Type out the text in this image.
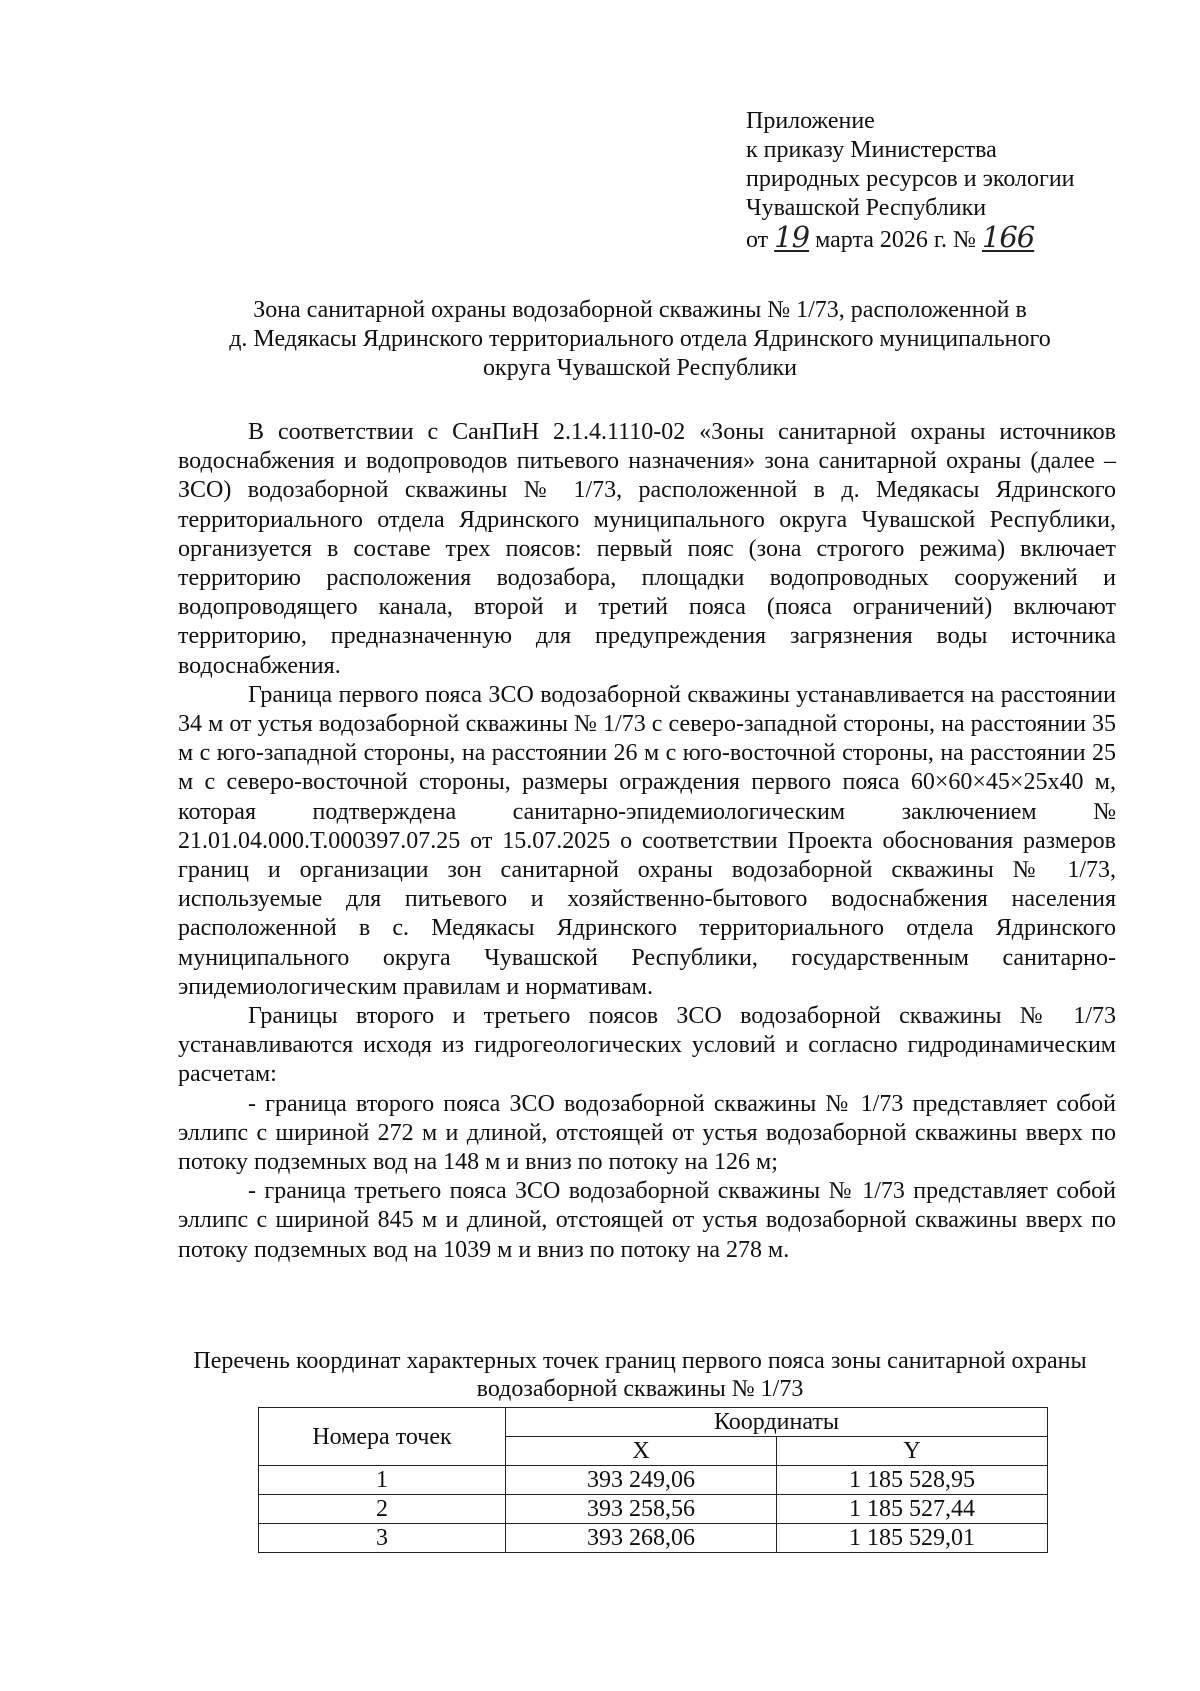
Приложение
к приказу Министерства
природных ресурсов и экологии
Чувашской Республики
от 19 марта 2026 г. № 166
Зона санитарной охраны водозаборной скважины № 1/73, расположенной в
д. Медякасы Ядринского территориального отдела Ядринского муниципального
округа Чувашской Республики

В соответствии с СанПиН 2.1.4.1110-02 «Зоны санитарной охраны источников водоснабжения и водопроводов питьевого назначения» зона санитарной охраны (далее – ЗСО) водозаборной скважины № 1/73, расположенной в д. Медякасы Ядринского территориального отдела Ядринского муниципального округа Чувашской Республики, организуется в составе трех поясов: первый пояс (зона строгого режима) включает территорию расположения водозабора, площадки водопроводных сооружений и водопроводящего канала, второй и третий пояса (пояса ограничений) включают территорию, предназначенную для предупреждения загрязнения воды источника водоснабжения.

Граница первого пояса ЗСО водозаборной скважины устанавливается на расстоянии 34 м от устья водозаборной скважины № 1/73 с северо-западной стороны, на расстоянии 35 м с юго-западной стороны, на расстоянии 26 м с юго-восточной стороны, на расстоянии 25 м с северо-восточной стороны, размеры ограждения первого пояса 60×60×45×25х40 м, которая подтверждена санитарно-эпидемиологическим заключением № 21.01.04.000.Т.000397.07.25 от 15.07.2025 о соответствии Проекта обоснования размеров границ и организации зон санитарной охраны водозаборной скважины № 1/73, используемые для питьевого и хозяйственно-бытового водоснабжения населения расположенной в с. Медякасы Ядринского территориального отдела Ядринского муниципального округа Чувашской Республики, государственным санитарно-эпидемиологическим правилам и нормативам.

Границы второго и третьего поясов ЗСО водозаборной скважины № 1/73 устанавливаются исходя из гидрогеологических условий и согласно гидродинамическим расчетам:

- граница второго пояса ЗСО водозаборной скважины № 1/73 представляет собой эллипс с шириной 272 м и длиной, отстоящей от устья водозаборной скважины вверх по потоку подземных вод на 148 м и вниз по потоку на 126 м;

- граница третьего пояса ЗСО водозаборной скважины № 1/73 представляет собой эллипс с шириной 845 м и длиной, отстоящей от устья водозаборной скважины вверх по потоку подземных вод на 1039 м и вниз по потоку на 278 м.

Перечень координат характерных точек границ первого пояса зоны санитарной охраны водозаборной скважины № 1/73
Номера точек	Координаты	
	X	Y
1	393 249,06	1 185 528,95
2	393 258,56	1 185 527,44
3	393 268,06	1 185 529,01
